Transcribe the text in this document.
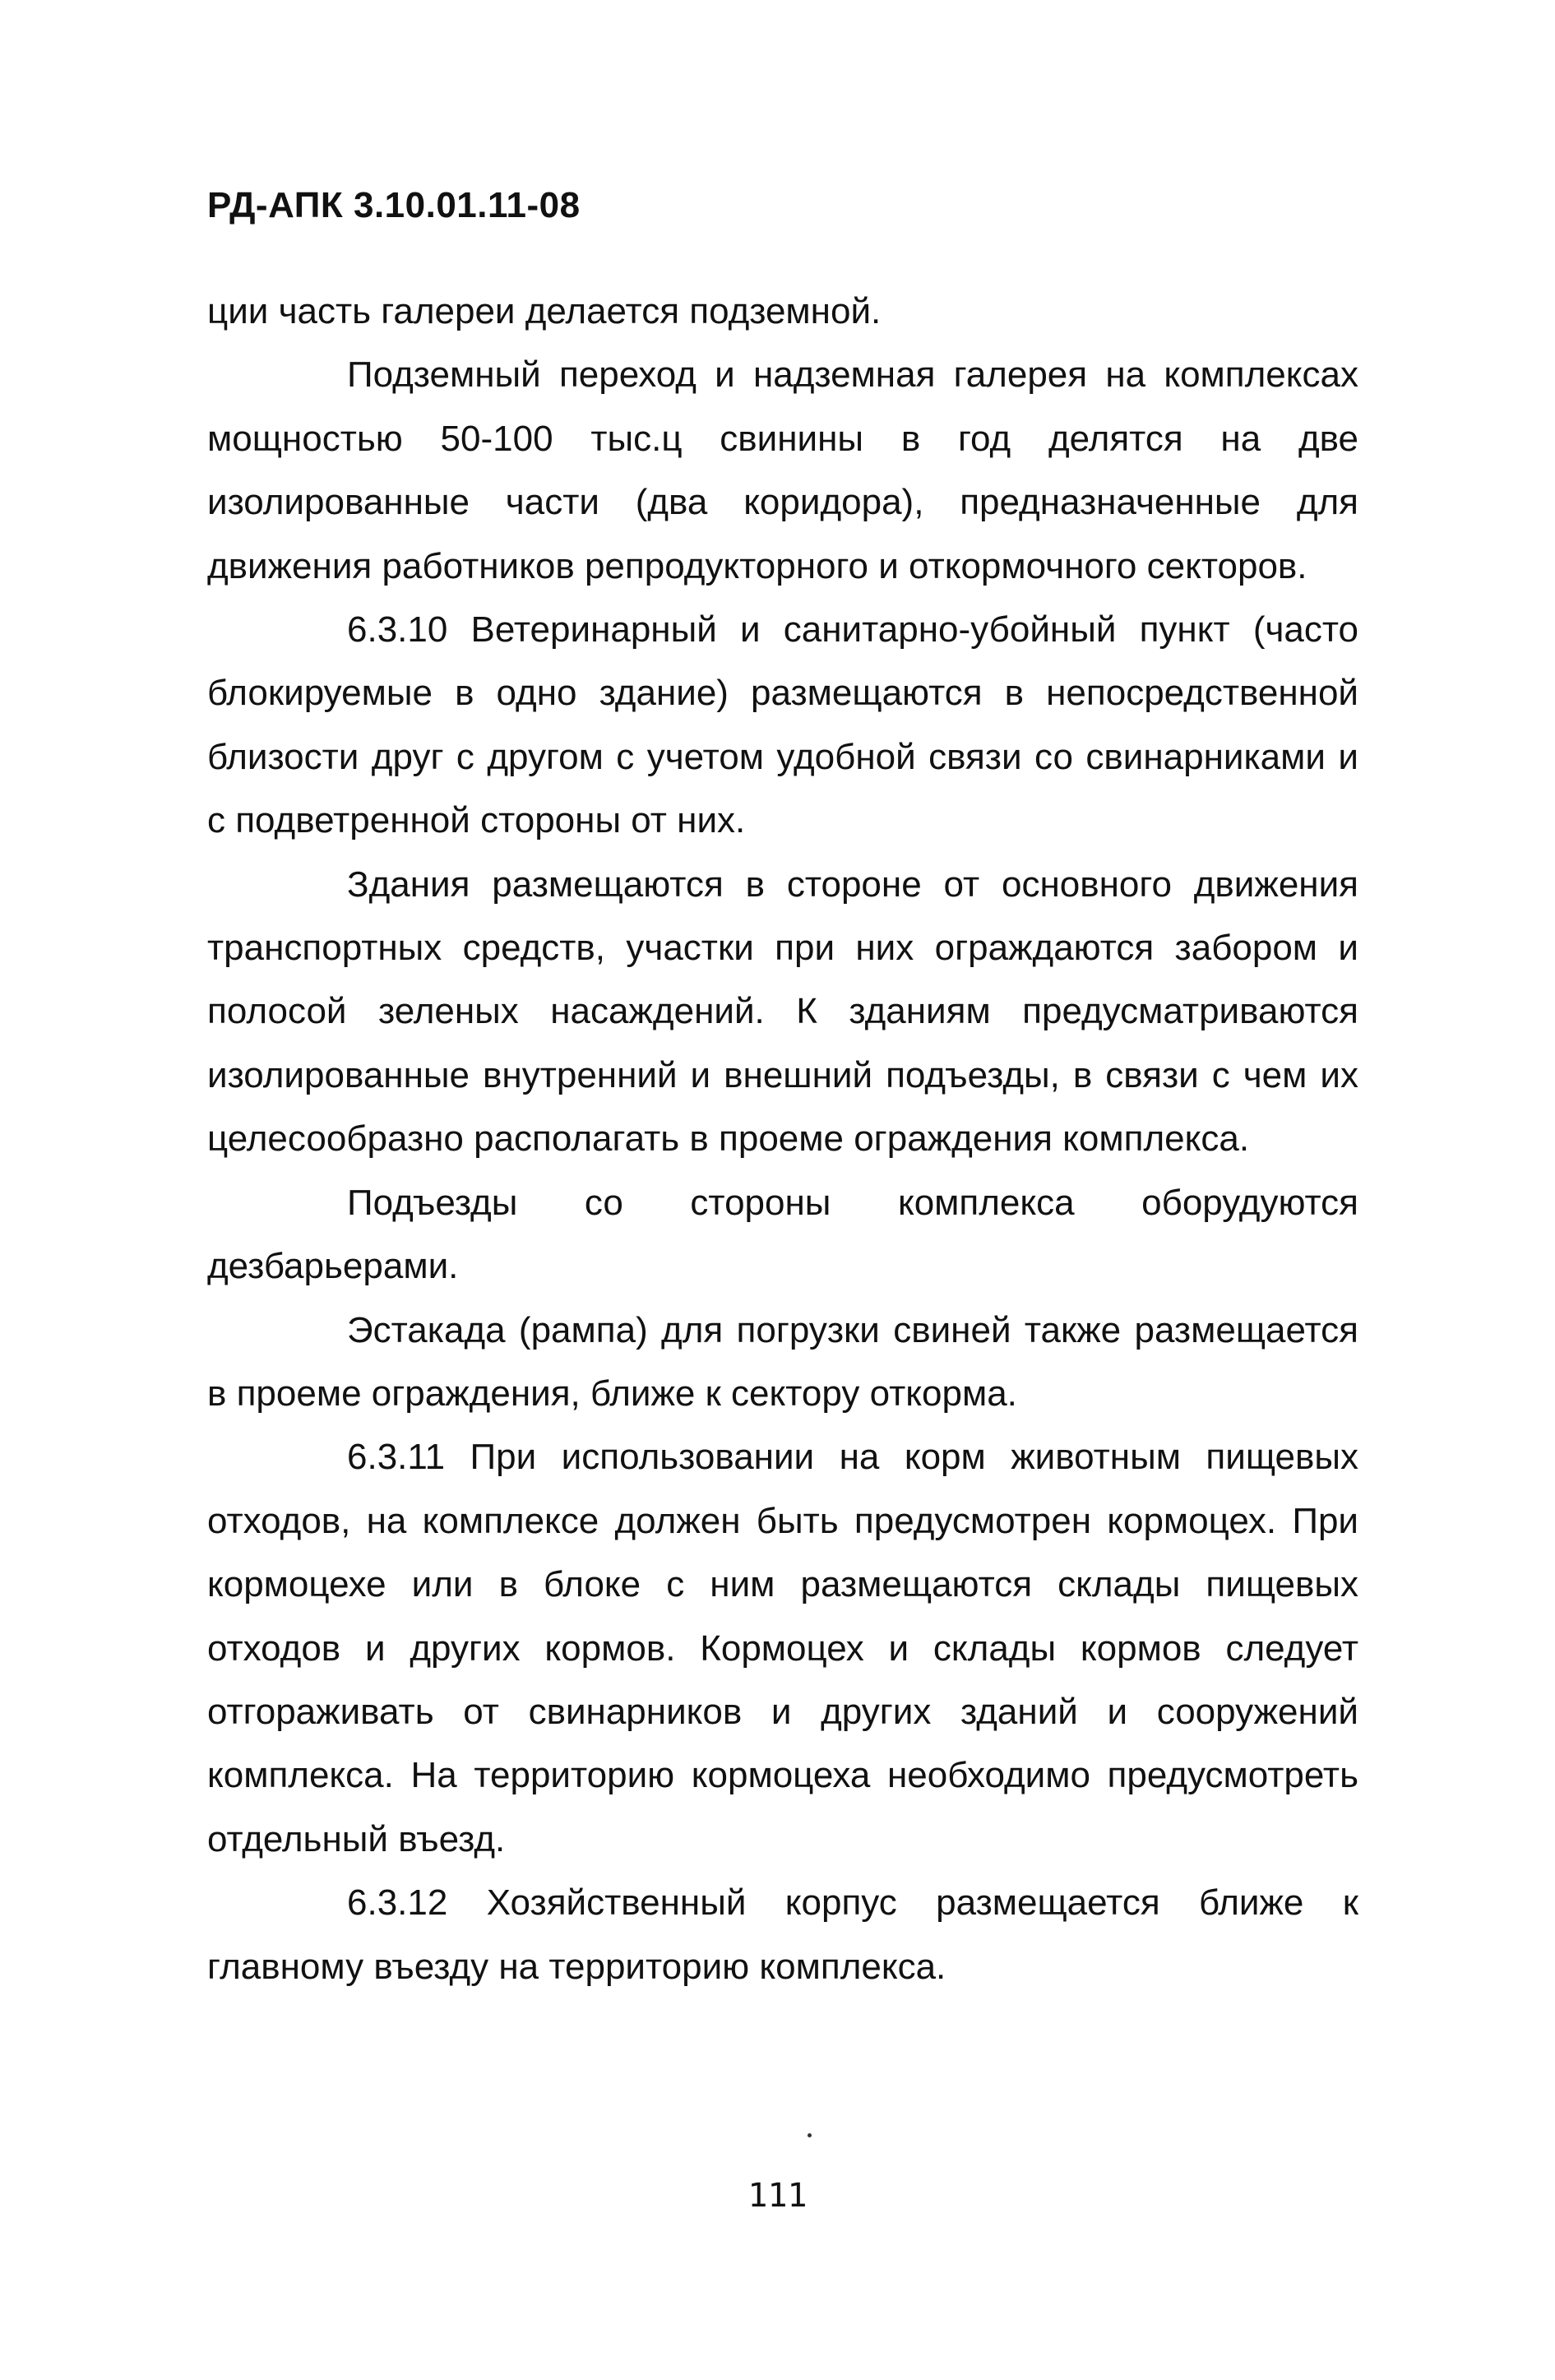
РД-АПК 3.10.01.11-08

ции часть галереи делается подземной.

Подземный переход и надземная галерея на комплексах мощностью 50-100 тыс.ц свинины в год делятся на две изолированные части (два коридора), предназначенные для движения работников репродукторного и откормочного секторов.

6.3.10 Ветеринарный и санитарно-убойный пункт (часто блокируемые в одно здание) размещаются в непосредственной близости друг с другом с учетом удобной связи со свинарниками и с подветренной стороны от них.

Здания размещаются в стороне от основного движения транспортных средств, участки при них ограждаются забором и полосой зеленых насаждений. К зданиям предусматриваются изолированные внутренний и внешний подъезды, в связи с чем их целесообразно располагать в проеме ограждения комплекса.

Подъезды со стороны комплекса оборудуются дезбарьерами.

Эстакада (рампа) для погрузки свиней также размещается в проеме ограждения, ближе к сектору откорма.

6.3.11 При использовании на корм животным пищевых отходов, на комплексе должен быть предусмотрен кормоцех. При кормоцехе или в блоке с ним размещаются склады пищевых отходов и других кормов. Кормоцех и склады кормов следует отгораживать от свинарников и других зданий и сооружений комплекса. На территорию кормоцеха необходимо предусмотреть отдельный въезд.

6.3.12 Хозяйственный корпус размещается ближе к главному въезду на территорию комплекса.

111
